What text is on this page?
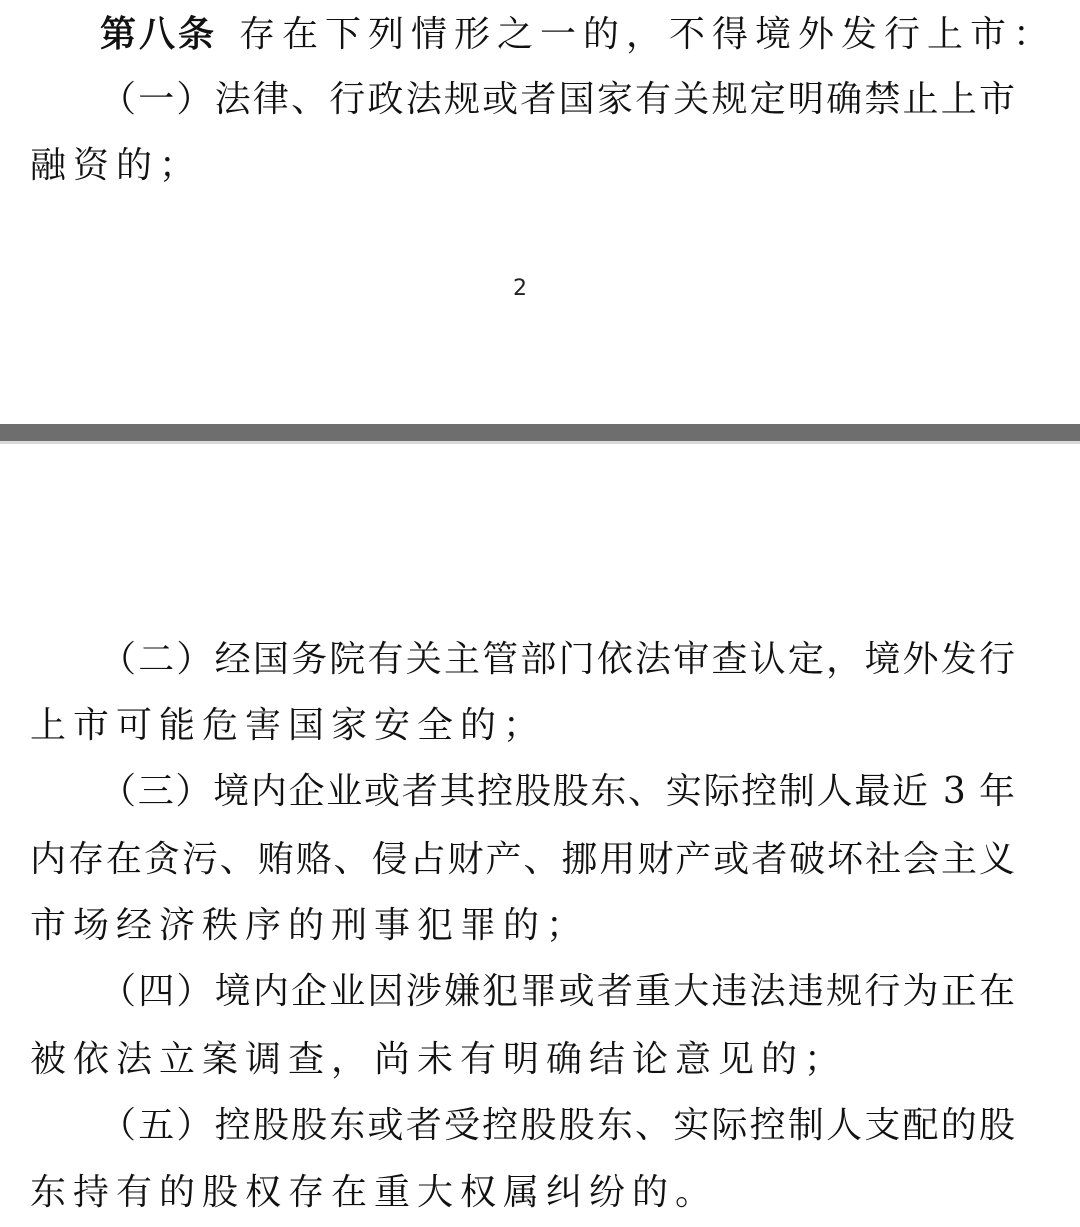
第八条 存在下列情形之一的，不得境外发行上市：
（一）法律、行政法规或者国家有关规定明确禁止上市
融资的；
2
（二）经国务院有关主管部门依法审查认定，境外发行
上市可能危害国家安全的；
（三）境内企业或者其控股股东、实际控制人最近 3 年
内存在贪污、贿赂、侵占财产、挪用财产或者破坏社会主义
市场经济秩序的刑事犯罪的；
（四）境内企业因涉嫌犯罪或者重大违法违规行为正在
被依法立案调查，尚未有明确结论意见的；
（五）控股股东或者受控股股东、实际控制人支配的股
东持有的股权存在重大权属纠纷的。
